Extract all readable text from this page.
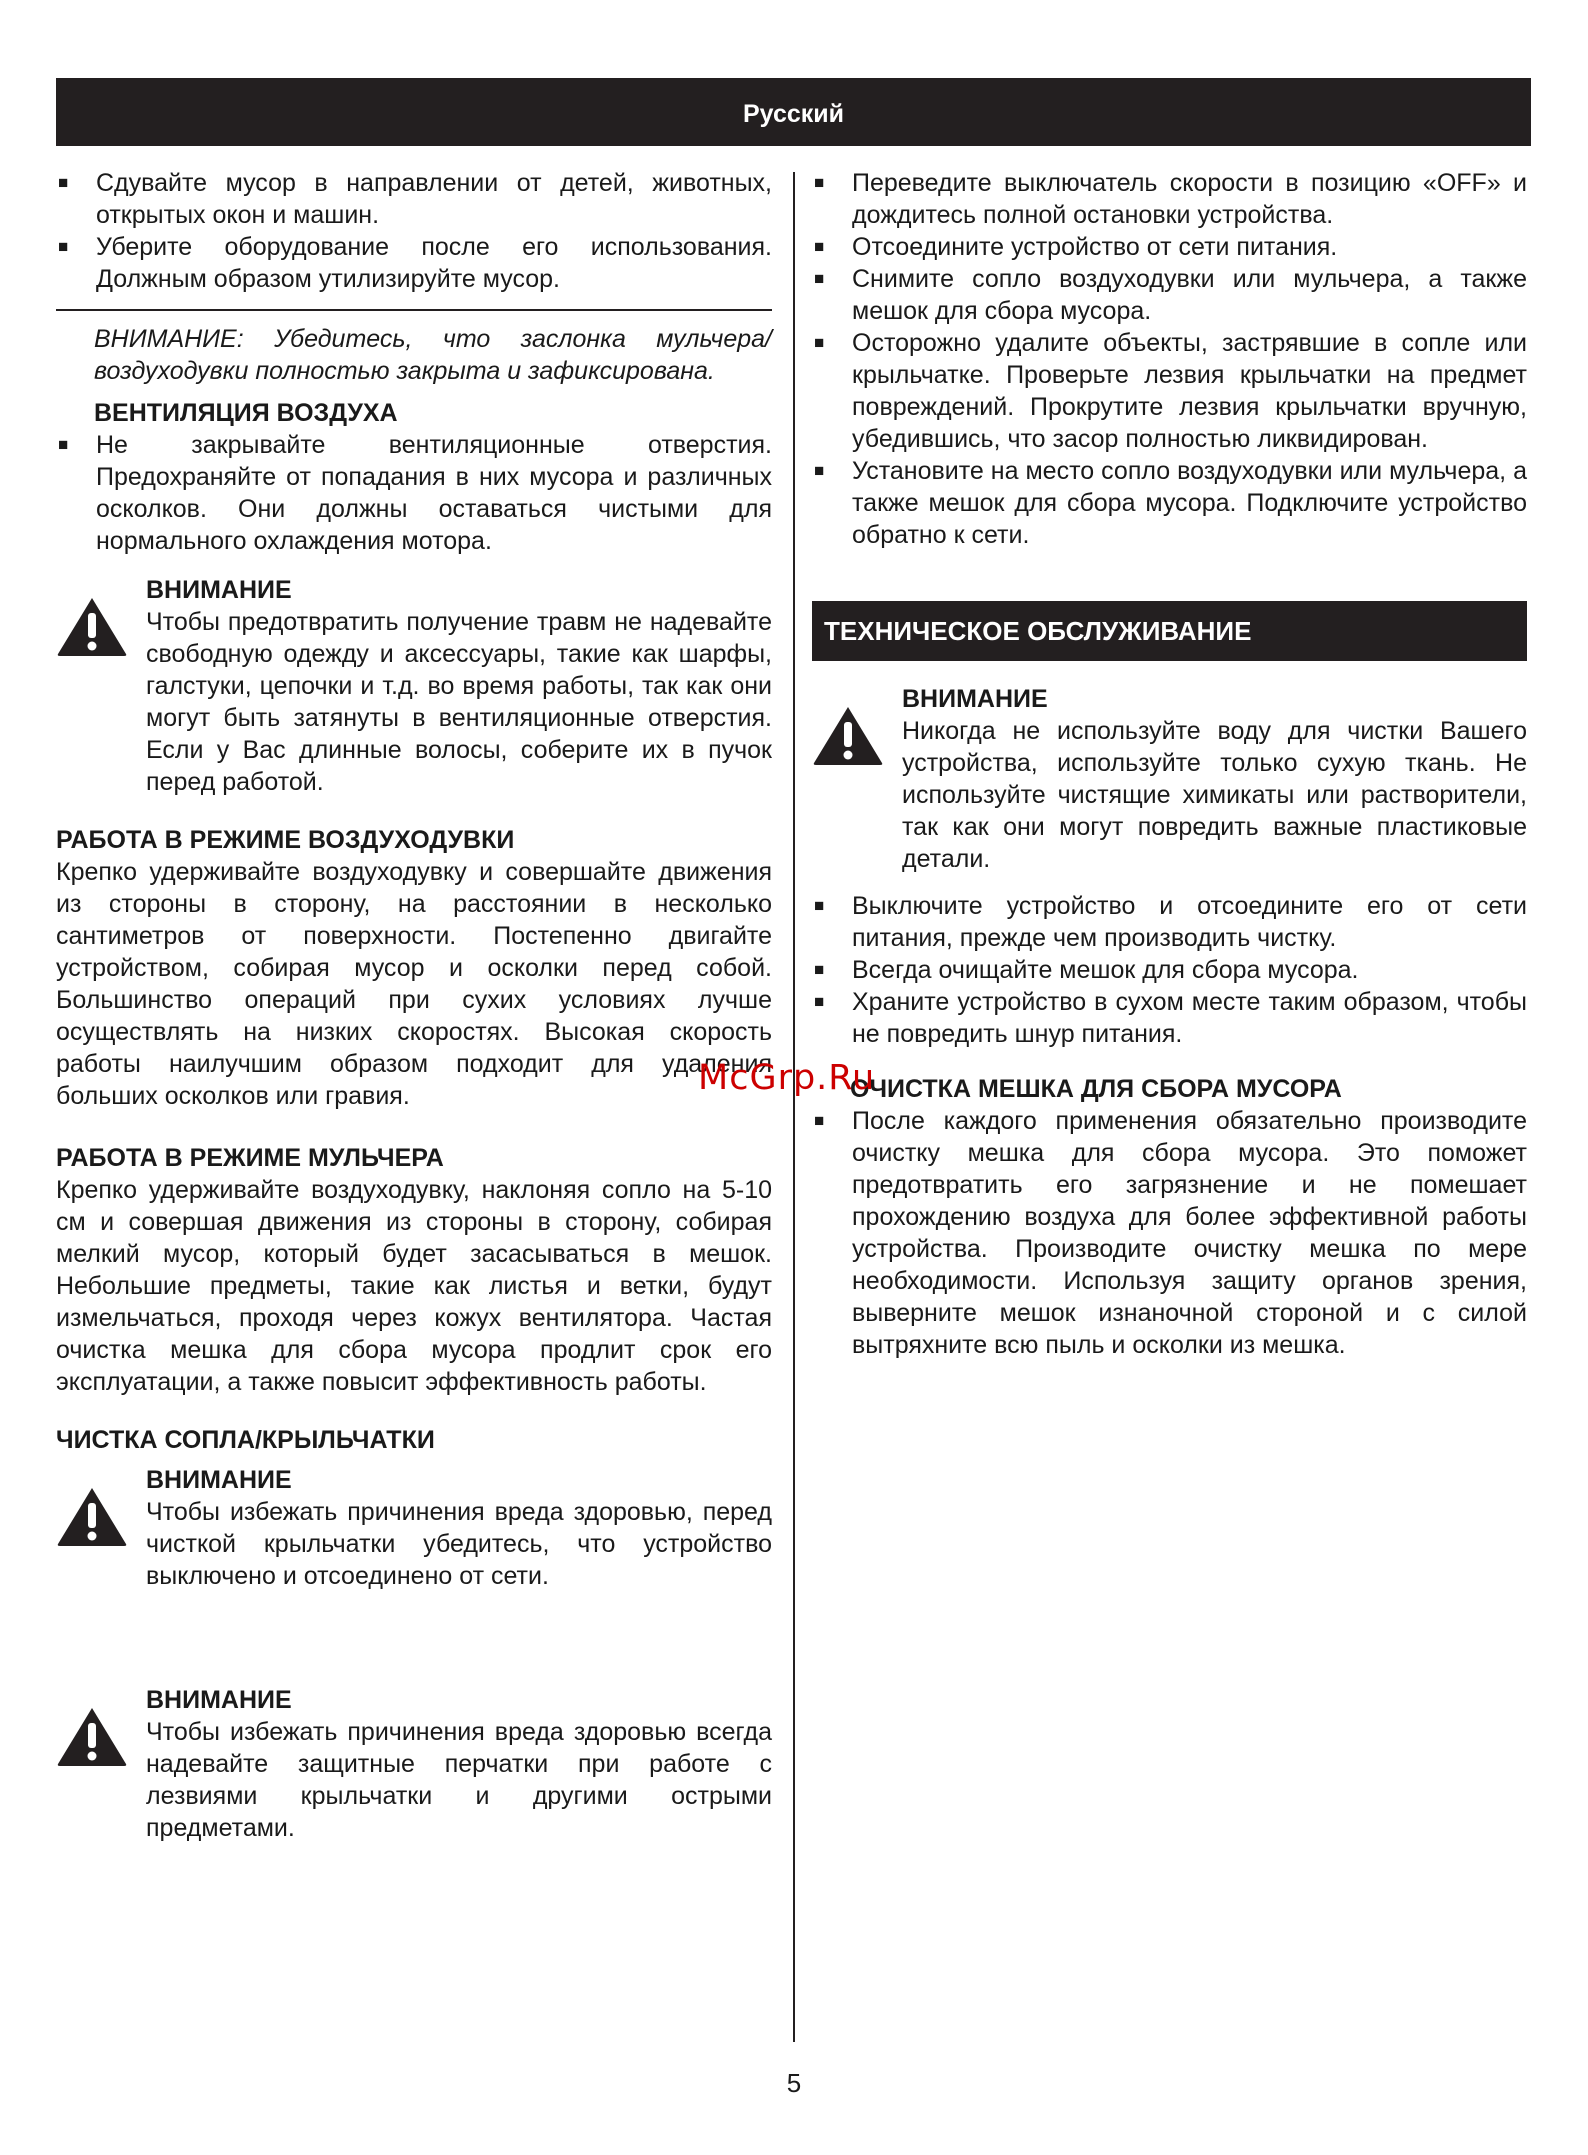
Русский
■	Сдувайте мусор в направлении от детей, животных, открытых окон и машин.
■	Уберите оборудование после его использования. Должным образом утилизируйте мусор.
ВНИМАНИЕ: Убедитесь, что заслонка мульчера/ воздуходувки полностью закрыта и зафиксирована.
ВЕНТИЛЯЦИЯ ВОЗДУХА
■	Не закрывайте вентиляционные отверстия. Предохраняйте от попадания в них мусора и различных осколков. Они должны оставаться чистыми для нормального охлаждения мотора.
ВНИМАНИЕ
Чтобы предотвратить получение травм не надевайте свободную одежду и аксессуары, такие как шарфы, галстуки, цепочки и т.д. во время работы, так как они могут быть затянуты в вентиляционные отверстия. Если у Вас длинные волосы, соберите их в пучок перед работой.
РАБОТА В РЕЖИМЕ ВОЗДУХОДУВКИ
Крепко удерживайте воздуходувку и совершайте движения из стороны в сторону, на расстоянии в несколько сантиметров от поверхности. Постепенно двигайте устройством, собирая мусор и осколки перед собой. Большинство операций при сухих условиях лучше осуществлять на низких скоростях. Высокая скорость работы наилучшим образом подходит для удаления больших осколков или гравия.
РАБОТА В РЕЖИМЕ МУЛЬЧЕРА
Крепко удерживайте воздуходувку, наклоняя сопло на 5-10 см и совершая движения из стороны в сторону, собирая мелкий мусор, который будет засасываться в мешок. Небольшие предметы, такие как листья и ветки, будут измельчаться, проходя через кожух вентилятора. Частая очистка мешка для сбора мусора продлит срок его эксплуатации, а также повысит эффективность работы.
ЧИСТКА СОПЛА/КРЫЛЬЧАТКИ
ВНИМАНИЕ
Чтобы избежать причинения вреда здоровью, перед чисткой крыльчатки убедитесь, что устройство выключено и отсоединено от сети.
ВНИМАНИЕ
Чтобы избежать причинения вреда здоровью всегда надевайте защитные перчатки при работе с лезвиями крыльчатки и другими острыми предметами.
■	Переведите выключатель скорости в позицию «OFF» и дождитесь полной остановки устройства.
■	Отсоедините устройство от сети питания.
■	Снимите сопло воздуходувки или мульчера, а также мешок для сбора мусора.
■	Осторожно удалите объекты, застрявшие в сопле или крыльчатке. Проверьте лезвия крыльчатки на предмет повреждений. Прокрутите лезвия крыльчатки вручную, убедившись, что засор полностью ликвидирован.
■	Установите на место сопло воздуходувки или мульчера, а также мешок для сбора мусора. Подключите устройство обратно к сети.
ТЕХНИЧЕСКОЕ ОБСЛУЖИВАНИЕ
ВНИМАНИЕ
Никогда не используйте воду для чистки Вашего устройства, используйте только сухую ткань. Не используйте чистящие химикаты или растворители, так как они могут повредить важные пластиковые детали.
■	Выключите устройство и отсоедините его от сети питания, прежде чем производить чистку.
■	Всегда очищайте мешок для сбора мусора.
■	Храните устройство в сухом месте таким образом, чтобы не повредить шнур питания.
ОЧИСТКА МЕШКА ДЛЯ СБОРА МУСОРА
■	После каждого применения обязательно производите очистку мешка для сбора мусора. Это поможет предотвратить его загрязнение и не помешает прохождению воздуха для более эффективной работы устройства. Производите очистку мешка по мере необходимости. Используя защиту органов зрения, выверните мешок изнаночной стороной и с силой вытряхните всю пыль и осколки из мешка.
McGrp.Ru
5
